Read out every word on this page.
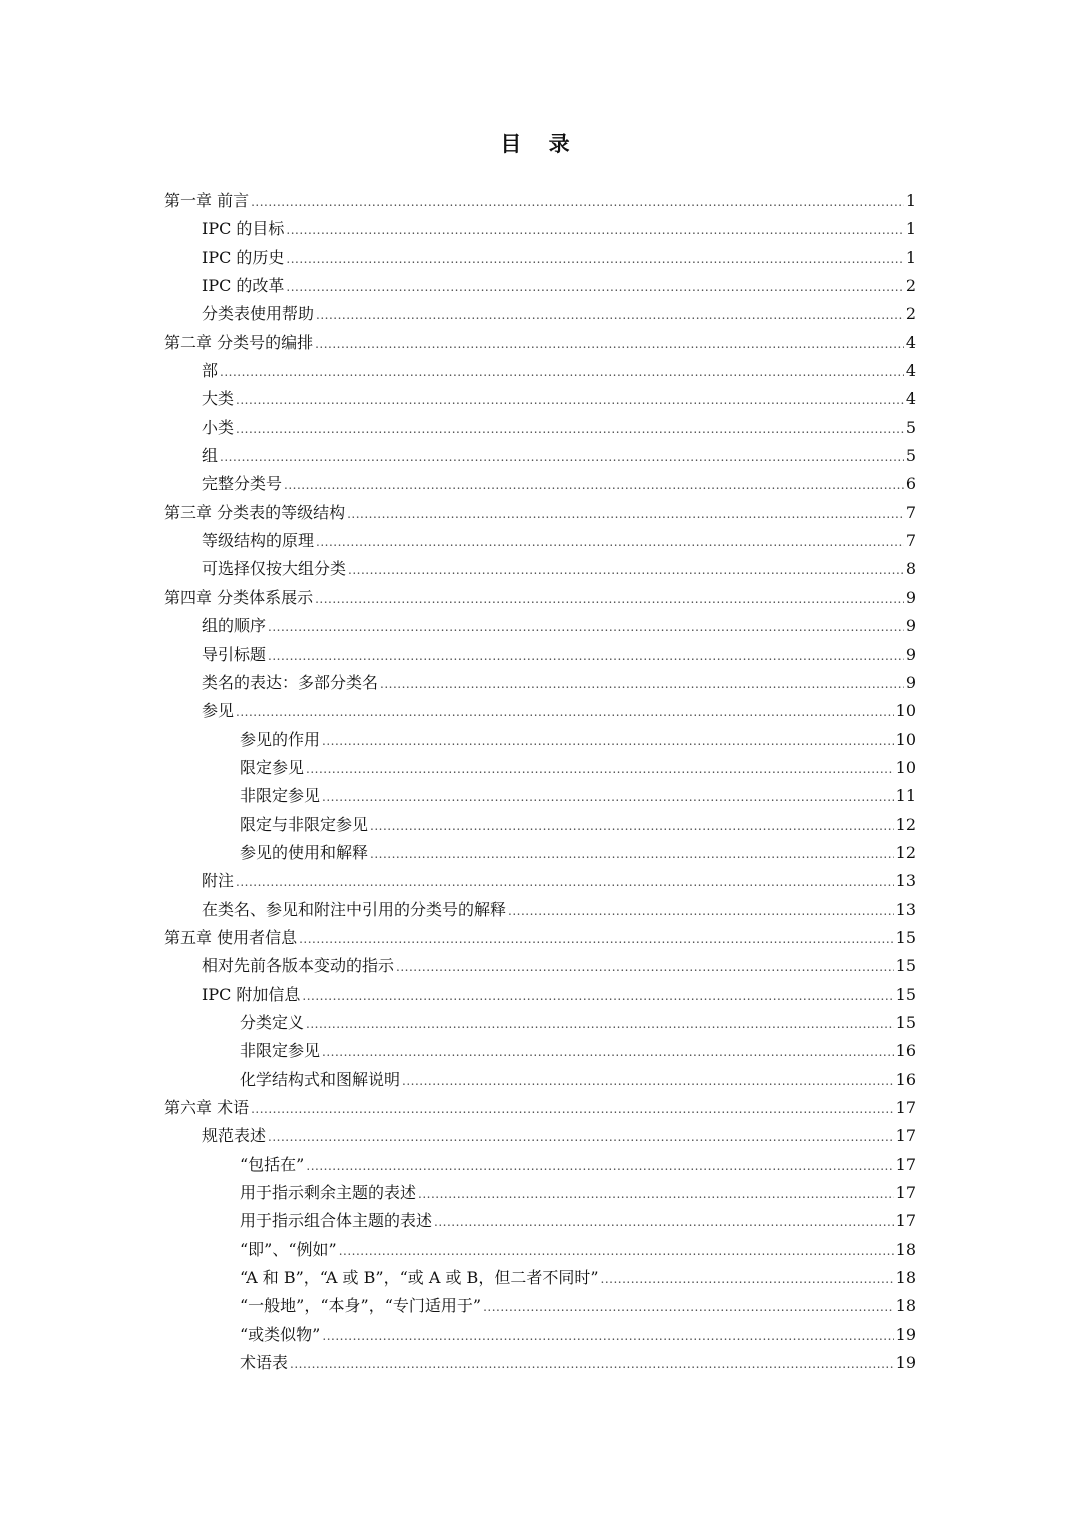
目 录
第一章 前言 .....	1
IPC 的目标 .....	1
IPC 的历史 .....	1
IPC 的改革 .....	2
分类表使用帮助 .....	2
第二章 分类号的编排 .....	4
部 .....	4
大类 .....	4
小类 .....	5
组 .....	5
完整分类号 .....	6
第三章 分类表的等级结构 .....	7
等级结构的原理 .....	7
可选择仅按大组分类 .....	8
第四章 分类体系展示 .....	9
组的顺序 .....	9
导引标题 .....	9
类名的表达：多部分类名 .....	9
参见 .....	10
参见的作用 .....	10
限定参见 .....	10
非限定参见 .....	11
限定与非限定参见 .....	12
参见的使用和解释 .....	12
附注 .....	13
在类名、参见和附注中引用的分类号的解释 .....	13
第五章 使用者信息 .....	15
相对先前各版本变动的指示 .....	15
IPC 附加信息 .....	15
分类定义 .....	15
非限定参见 .....	16
化学结构式和图解说明 .....	16
第六章 术语 .....	17
规范表述 .....	17
“包括在” .....	17
用于指示剩余主题的表述 .....	17
用于指示组合体主题的表述 .....	17
“即”、“例如” .....	18
“A 和 B”，“A 或 B”，“或 A 或 B，但二者不同时” .....	18
“一般地”，“本身”，“专门适用于” .....	18
“或类似物” .....	19
术语表 .....	19
